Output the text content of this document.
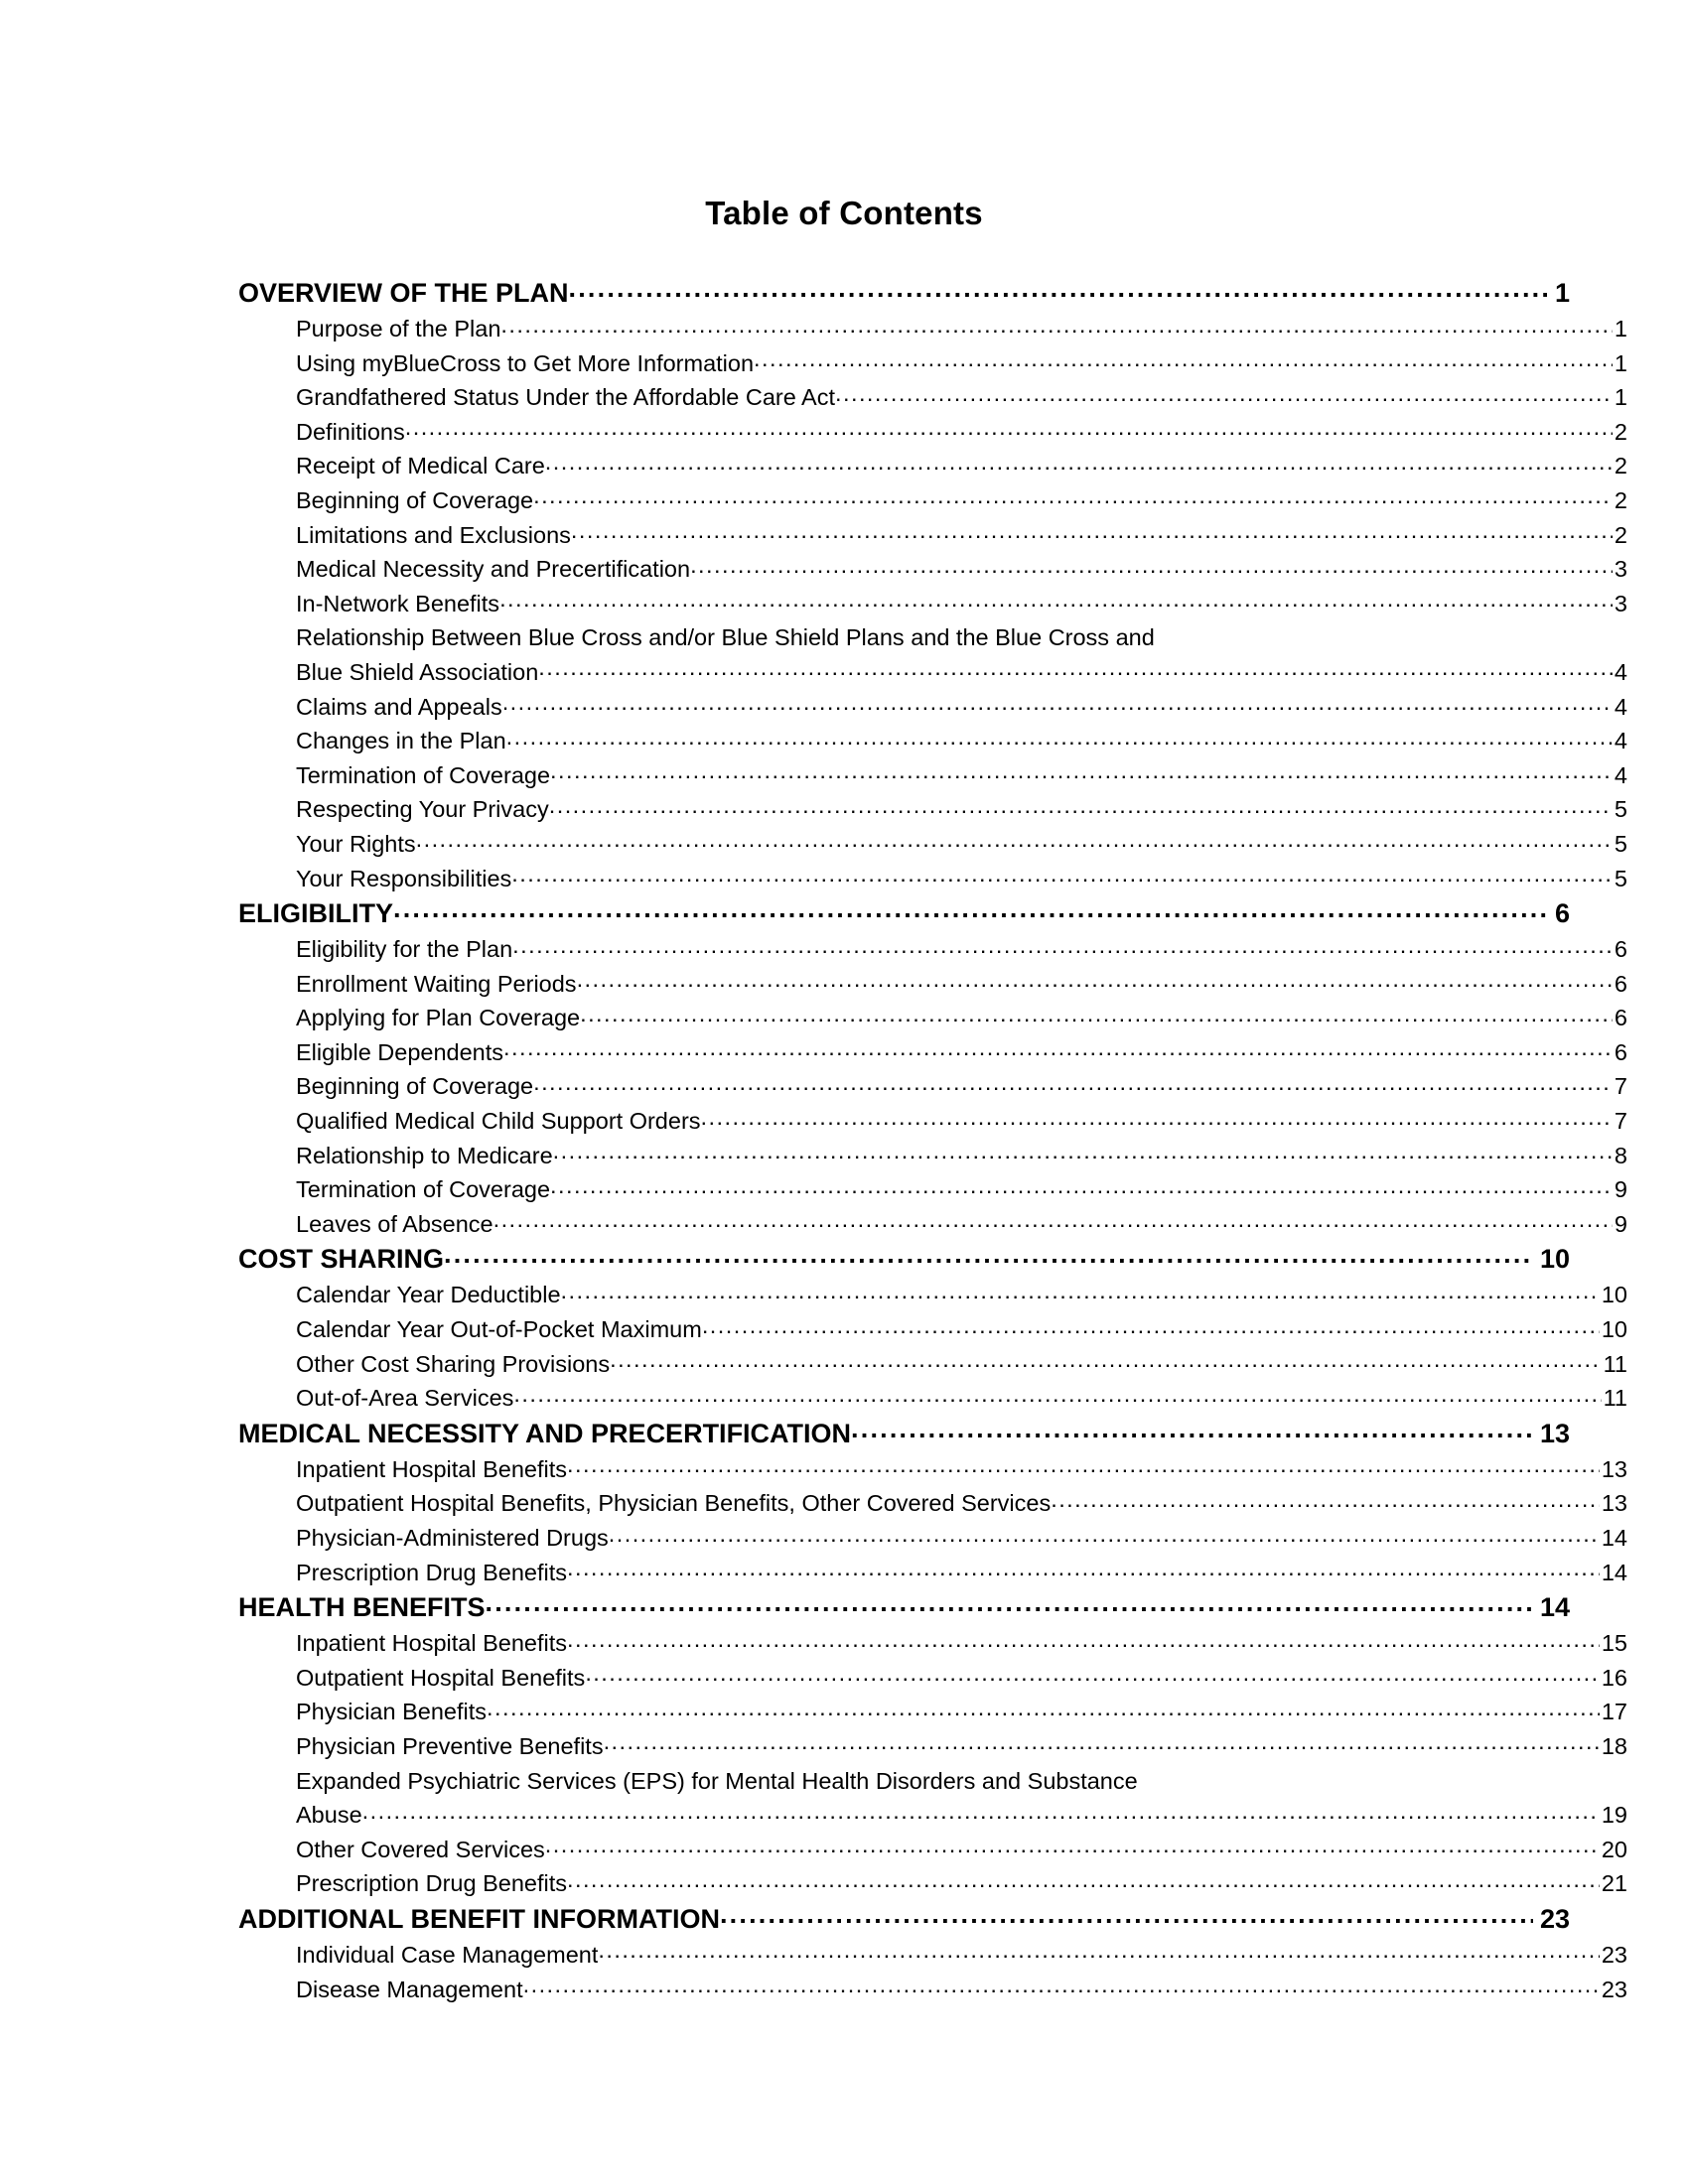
Table of Contents
OVERVIEW OF THE PLAN .....	1
Purpose of the Plan .....	1
Using myBlueCross to Get More Information .....	1
Grandfathered Status Under the Affordable Care Act .....	1
Definitions .....	2
Receipt of Medical Care .....	2
Beginning of Coverage .....	2
Limitations and Exclusions .....	2
Medical Necessity and Precertification .....	3
In-Network Benefits .....	3
Relationship Between Blue Cross and/or Blue Shield Plans and the Blue Cross and
Blue Shield Association .....	4
Claims and Appeals .....	4
Changes in the Plan .....	4
Termination of Coverage .....	4
Respecting Your Privacy .....	5
Your Rights .....	5
Your Responsibilities .....	5
ELIGIBILITY .....	6
Eligibility for the Plan .....	6
Enrollment Waiting Periods .....	6
Applying for Plan Coverage .....	6
Eligible Dependents .....	6
Beginning of Coverage .....	7
Qualified Medical Child Support Orders .....	7
Relationship to Medicare .....	8
Termination of Coverage .....	9
Leaves of Absence .....	9
COST SHARING .....	10
Calendar Year Deductible .....	10
Calendar Year Out-of-Pocket Maximum .....	10
Other Cost Sharing Provisions .....	11
Out-of-Area Services .....	11
MEDICAL NECESSITY AND PRECERTIFICATION .....	13
Inpatient Hospital Benefits .....	13
Outpatient Hospital Benefits, Physician Benefits, Other Covered Services .....	13
Physician-Administered Drugs .....	14
Prescription Drug Benefits .....	14
HEALTH BENEFITS .....	14
Inpatient Hospital Benefits .....	15
Outpatient Hospital Benefits .....	16
Physician Benefits .....	17
Physician Preventive Benefits .....	18
Expanded Psychiatric Services (EPS) for Mental Health Disorders and Substance
Abuse .....	19
Other Covered Services .....	20
Prescription Drug Benefits .....	21
ADDITIONAL BENEFIT INFORMATION .....	23
Individual Case Management .....	23
Disease Management .....	23
